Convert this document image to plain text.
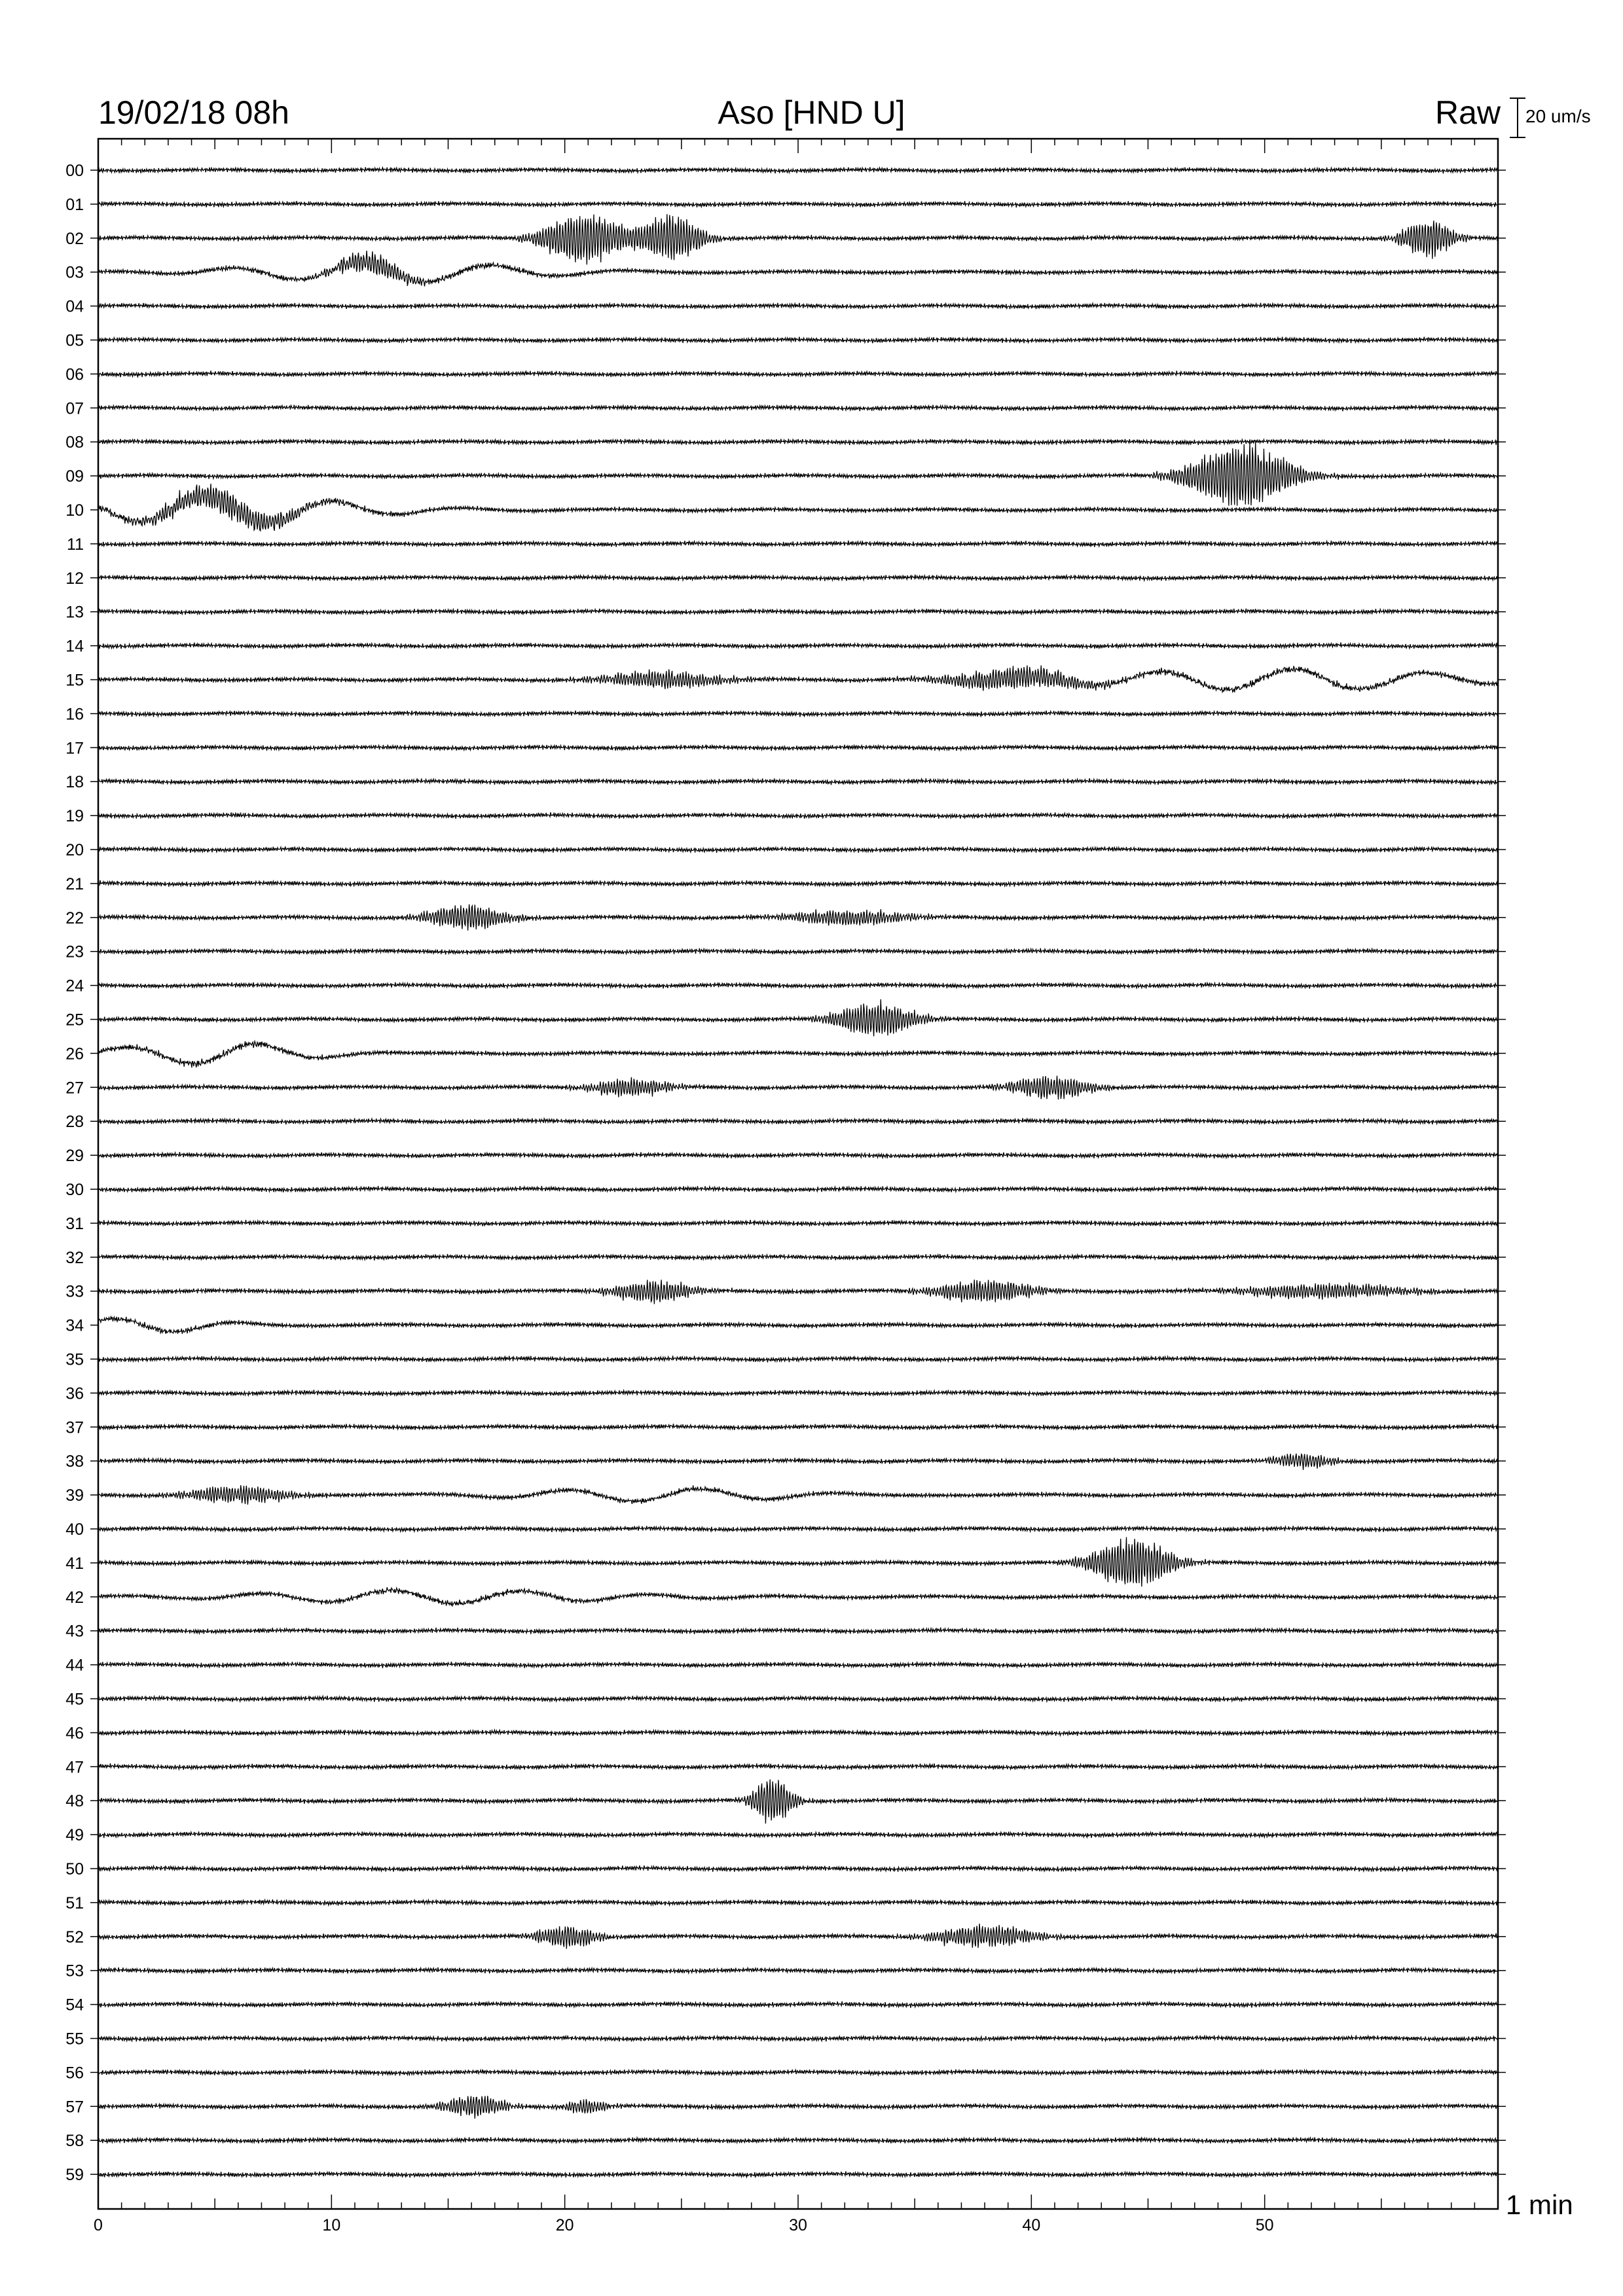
19/02/18 08h	Aso [HND U]	Raw 20 um/s
1 min
00
01
02
03
04
05
06
07
08
09
10
11
12
13
14
15
16
17
18
19
20
21
22
23
24
25
26
27
28
29
30
31
32
33
34
35
36
37
38
39
40
41
42
43
44
45
46
47
48
49
50
51
52
53
54
55
56
57
58
59
0	10	20	30	40	50
